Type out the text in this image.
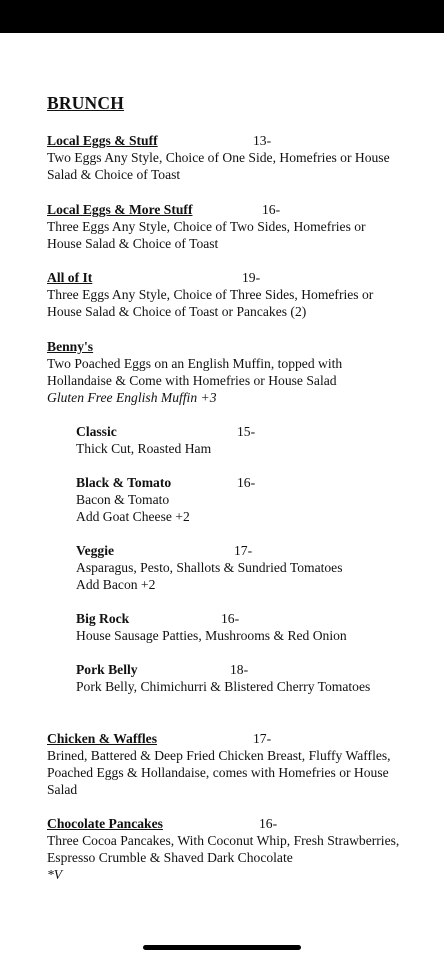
BRUNCH
Local Eggs & Stuff	13-
Two Eggs Any Style, Choice of One Side, Homefries or House
Salad & Choice of Toast
Local Eggs & More Stuff	16-
Three Eggs Any Style, Choice of Two Sides, Homefries or
House Salad & Choice of Toast
All of It	19-
Three Eggs Any Style, Choice of Three Sides, Homefries or
House Salad & Choice of Toast or Pancakes (2)
Benny's
Two Poached Eggs on an English Muffin, topped with
Hollandaise & Come with Homefries or House Salad
Gluten Free English Muffin +3
Classic	15-
Thick Cut, Roasted Ham
Black & Tomato	16-
Bacon & Tomato
Add Goat Cheese +2
Veggie	17-
Asparagus, Pesto, Shallots & Sundried Tomatoes
Add Bacon +2
Big Rock	16-
House Sausage Patties, Mushrooms & Red Onion
Pork Belly	18-
Pork Belly, Chimichurri & Blistered Cherry Tomatoes
Chicken & Waffles	17-
Brined, Battered & Deep Fried Chicken Breast, Fluffy Waffles,
Poached Eggs & Hollandaise, comes with Homefries or House
Salad
Chocolate Pancakes	16-
Three Cocoa Pancakes, With Coconut Whip, Fresh Strawberries,
Espresso Crumble & Shaved Dark Chocolate
*V
